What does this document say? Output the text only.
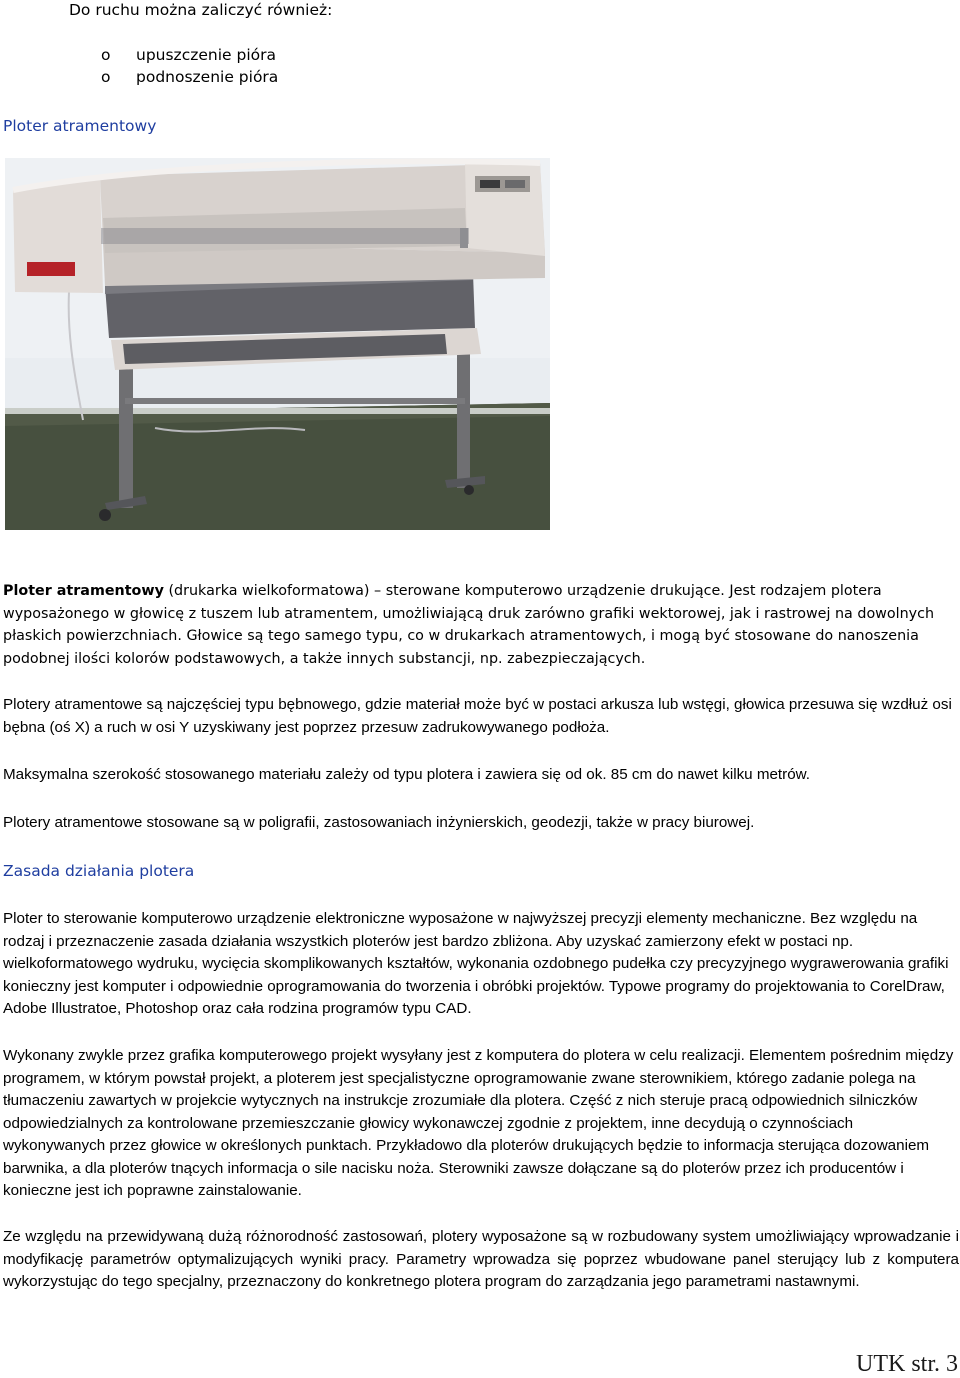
Do ruchu można zaliczyć również:

o upuszczenie pióra
o podnoszenie pióra
Ploter atramentowy

Ploter atramentowy (drukarka wielkoformatowa) – sterowane komputerowo urządzenie drukujące. Jest rodzajem plotera wyposażonego w głowicę z tuszem lub atramentem, umożliwiającą druk zarówno grafiki wektorowej, jak i rastrowej na dowolnych płaskich powierzchniach. Głowice są tego samego typu, co w drukarkach atramentowych, i mogą być stosowane do nanoszenia podobnej ilości kolorów podstawowych, a także innych substancji, np. zabezpieczających.

Plotery atramentowe są najczęściej typu bębnowego, gdzie materiał może być w postaci arkusza lub wstęgi, głowica przesuwa się wzdłuż osi bębna (oś X) a ruch w osi Y uzyskiwany jest poprzez przesuw zadrukowywanego podłoża.

Maksymalna szerokość stosowanego materiału zależy od typu plotera i zawiera się od ok. 85 cm do nawet kilku metrów.

Plotery atramentowe stosowane są w poligrafii, zastosowaniach inżynierskich, geodezji, także w pracy biurowej.

Zasada działania plotera

Ploter to sterowanie komputerowo urządzenie elektroniczne wyposażone w najwyższej precyzji elementy mechaniczne. Bez względu na rodzaj i przeznaczenie zasada działania wszystkich ploterów jest bardzo zbliżona. Aby uzyskać zamierzony efekt w postaci np. wielkoformatowego wydruku, wycięcia skomplikowanych kształtów, wykonania ozdobnego pudełka czy precyzyjnego wygrawerowania grafiki konieczny jest komputer i odpowiednie oprogramowania do tworzenia i obróbki projektów. Typowe programy do projektowania to CorelDraw, Adobe Illustratoe, Photoshop oraz cała rodzina programów typu CAD.

Wykonany zwykle przez grafika komputerowego projekt wysyłany jest z komputera do plotera w celu realizacji. Elementem pośrednim między programem, w którym powstał projekt, a ploterem jest specjalistyczne oprogramowanie zwane sterownikiem, którego zadanie polega na tłumaczeniu zawartych w projekcie wytycznych na instrukcje zrozumiałe dla plotera. Część z nich steruje pracą odpowiednich silniczków odpowiedzialnych za kontrolowane przemieszczanie głowicy wykonawczej zgodnie z projektem, inne decydują o czynnościach wykonywanych przez głowice w określonych punktach. Przykładowo dla ploterów drukujących będzie to informacja sterująca dozowaniem barwnika, a dla ploterów tnących informacja o sile nacisku noża. Sterowniki zawsze dołączane są do ploterów przez ich producentów i konieczne jest ich poprawne zainstalowanie.

Ze względu na przewidywaną dużą różnorodność zastosowań, plotery wyposażone są w rozbudowany system umożliwiający wprowadzanie i modyfikację parametrów optymalizujących wyniki pracy. Parametry wprowadza się poprzez wbudowane panel sterujący lub z komputera wykorzystując do tego specjalny, przeznaczony do konkretnego plotera program do zarządzania jego parametrami nastawnymi.

UTK str. 3
